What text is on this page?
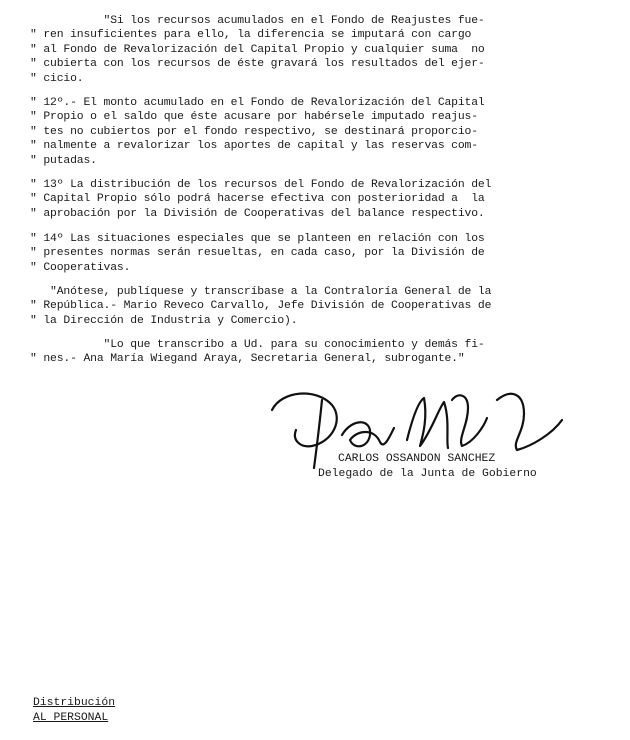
"Si los recursos acumulados en el Fondo de Reajustes fue-
" ren insuficientes para ello, la diferencia se imputará con cargo
" al Fondo de Revalorización del Capital Propio y cualquier suma  no
" cubierta con los recursos de éste gravará los resultados del ejer-
" cicio.
" 12º.- El monto acumulado en el Fondo de Revalorización del Capital
" Propio o el saldo que éste acusare por habérsele imputado reajus-
" tes no cubiertos por el fondo respectivo, se destinará proporcio-
" nalmente a revalorizar los aportes de capital y las reservas com-
" putadas.
" 13º La distribución de los recursos del Fondo de Revalorización del
" Capital Propio sólo podrá hacerse efectiva con posterioridad a  la
" aprobación por la División de Cooperativas del balance respectivo.
" 14º Las situaciones especiales que se planteen en relación con los
" presentes normas serán resueltas, en cada caso, por la División de
" Cooperativas.
"Anótese, publíquese y transcríbase a la Contraloría General de la
" República.- Mario Reveco Carvallo, Jefe División de Cooperativas de
" la Dirección de Industria y Comercio).
"Lo que transcribo a Ud. para su conocimiento y demás fi-
" nes.- Ana María Wiegand Araya, Secretaria General, subrogante."
CARLOS OSSANDON SANCHEZ
Delegado de la Junta de Gobierno
Distribución
AL PERSONAL
